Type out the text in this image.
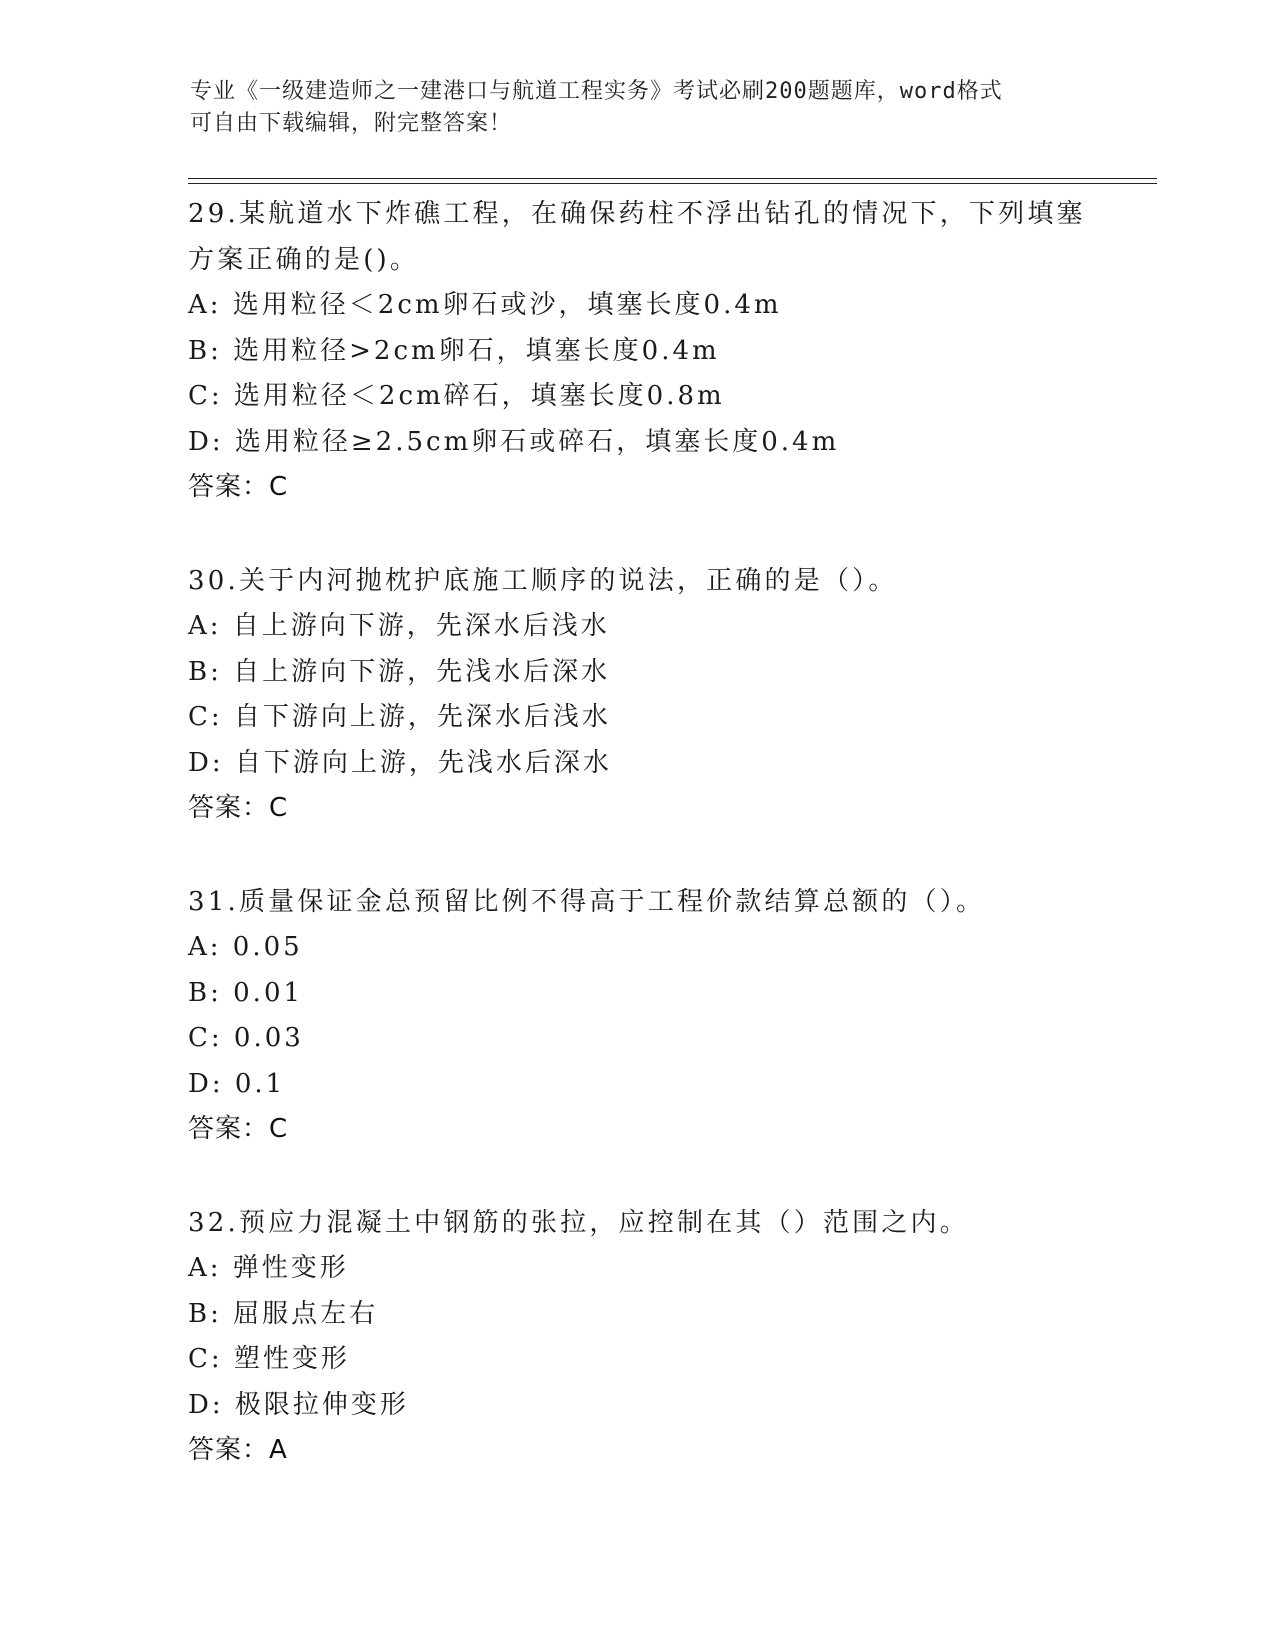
专业《一级建造师之一建港口与航道工程实务》考试必刷200题题库，word格式
可自由下载编辑，附完整答案！
29.某航道水下炸礁工程，在确保药柱不浮出钻孔的情况下，下列填塞
方案正确的是()。
A: 选用粒径＜2cm卵石或沙，填塞长度0.4m
B: 选用粒径>2cm卵石，填塞长度0.4m
C: 选用粒径＜2cm碎石，填塞长度0.8m
D: 选用粒径≥2.5cm卵石或碎石，填塞长度0.4m
答案：C
30.关于内河抛枕护底施工顺序的说法，正确的是（）。
A: 自上游向下游，先深水后浅水
B: 自上游向下游，先浅水后深水
C: 自下游向上游，先深水后浅水
D: 自下游向上游，先浅水后深水
答案：C
31.质量保证金总预留比例不得高于工程价款结算总额的（）。
A: 0.05
B: 0.01
C: 0.03
D: 0.1
答案：C
32.预应力混凝土中钢筋的张拉，应控制在其（）范围之内。
A: 弹性变形
B: 屈服点左右
C: 塑性变形
D: 极限拉伸变形
答案：A
